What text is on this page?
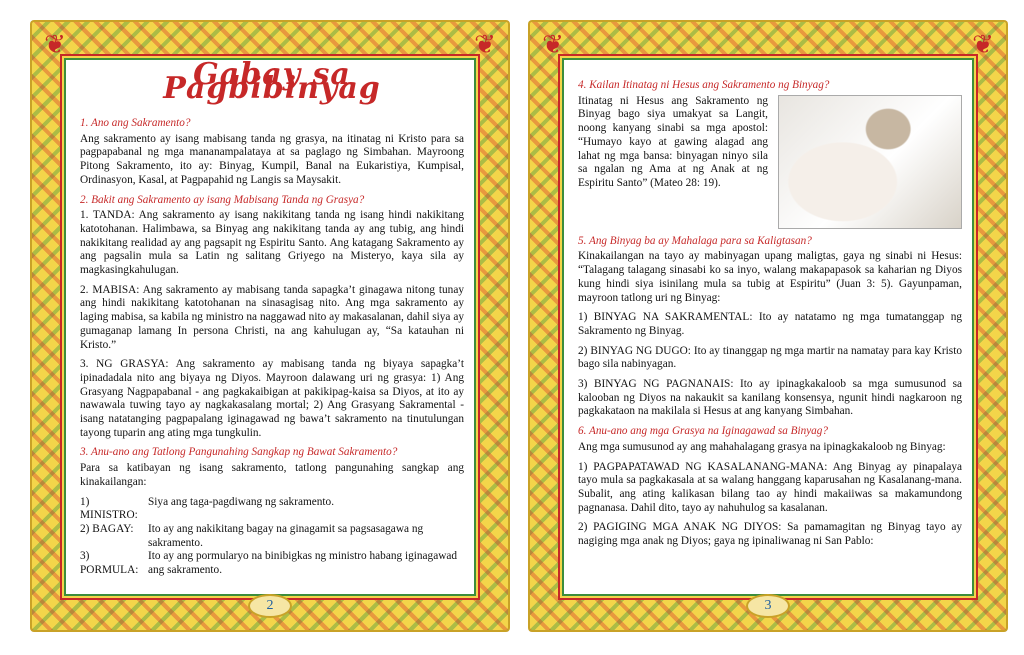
❦	❦
Gabay sa Pagbibinyag
1. Ano ang Sakramento?

Ang sakramento ay isang mabisang tanda ng grasya, na itinatag ni Kristo para sa pagpapabanal ng mga mananampalataya at sa paglago ng Simbahan. Mayroong Pitong Sakramento, ito ay: Binyag, Kumpil, Banal na Eukaristiya, Kumpisal, Ordinasyon, Kasal, at Pagpapahid ng Langis sa Maysakit.

2. Bakit ang Sakramento ay isang Mabisang Tanda ng Grasya?

1. TANDA: Ang sakramento ay isang nakikitang tanda ng isang hindi nakikitang katotohanan. Halimbawa, sa Binyag ang nakikitang tanda ay ang tubig, ang hindi nakikitang realidad ay ang pagsapit ng Espiritu Santo. Ang katagang Sakramento ay ang pagsalin mula sa Latin ng salitang Griyego na Misteryo, kaya sila ay magkasingkahulugan.

2. MABISA: Ang sakramento ay mabisang tanda sapagka’t ginagawa nitong tunay ang hindi nakikitang katotohanan na sinasagisag nito. Ang mga sakramento ay laging mabisa, sa kabila ng ministro na naggawad nito ay makasalanan, dahil siya ay gumaganap lamang In persona Christi, na ang kahulugan ay, “Sa katauhan ni Kristo.”

3. NG GRASYA: Ang sakramento ay mabisang tanda ng biyaya sapagka’t ipinadadala nito ang biyaya ng Diyos. Mayroon dalawang uri ng grasya: 1) Ang Grasyang Nagpapabanal - ang pagkakaibigan at pakikipag-kaisa sa Diyos, at ito ay nawawala tuwing tayo ay nagkakasalang mortal; 2) Ang Grasyang Sakramental - isang natatanging pagpapalang iginagawad ng bawa’t sakramento na tinutulungan tayong tuparin ang ating mga tungkulin.

3. Anu-ano ang Tatlong Pangunahing Sangkap ng Bawat Sakramento?

Para sa katibayan ng isang sakramento, tatlong pangunahing sangkap ang kinakailangan:

1) MINISTRO:
Siya ang taga-pagdiwang ng sakramento.
2) BAGAY:	Ito ay ang nakikitang bagay na ginagamit sa pagsasagawa ng sakramento.
3) PORMULA:
Ito ay ang pormularyo na binibigkas ng ministro habang iginagawad ang sakramento.
2
❦	❦
4. Kailan Itinatag ni Hesus ang Sakramento ng Binyag?

Itinatag ni Hesus ang Sakramento ng Binyag bago siya umakyat sa Langit, noong kanyang sinabi sa mga apostol: “Humayo kayo at gawing alagad ang lahat ng mga bansa: binyagan ninyo sila sa ngalan ng Ama at ng Anak at ng Espiritu Santo” (Mateo 28: 19).

5. Ang Binyag ba ay Mahalaga para sa Kaligtasan?

Kinakailangan na tayo ay mabinyagan upang maligtas, gaya ng sinabi ni Hesus: “Talagang talagang sinasabi ko sa inyo, walang makapapasok sa kaharian ng Diyos kung hindi siya isinilang mula sa tubig at Espiritu” (Juan 3: 5). Gayunpaman, mayroon tatlong uri ng Binyag:

1) BINYAG NA SAKRAMENTAL: Ito ay natatamo ng mga tumatanggap ng Sakramento ng Binyag.

2) BINYAG NG DUGO: Ito ay tinanggap ng mga martir na namatay para kay Kristo bago sila nabinyagan.

3) BINYAG NG PAGNANAIS: Ito ay ipinagkakaloob sa mga sumusunod sa kalooban ng Diyos na nakaukit sa kanilang konsensya, ngunit hindi nagkaroon ng pagkakataon na makilala si Hesus at ang kanyang Simbahan.

6. Anu-ano ang mga Grasya na Iginagawad sa Binyag?

Ang mga sumusunod ay ang mahahalagang grasya na ipinagkakaloob ng Binyag:

1) PAGPAPATAWAD NG KASALANANG-MANA: Ang Binyag ay pinapalaya tayo mula sa pagkakasala at sa walang hanggang kaparusahan ng Kasalanang-mana. Subalit, ang ating kalikasan bilang tao ay hindi makaiiwas sa makamundong pagnanasa. Dahil dito, tayo ay nahuhulog sa kasalanan.

2) PAGIGING MGA ANAK NG DIYOS: Sa pamamagitan ng Binyag tayo ay nagiging mga anak ng Diyos; gaya ng ipinaliwanag ni San Pablo:

3
